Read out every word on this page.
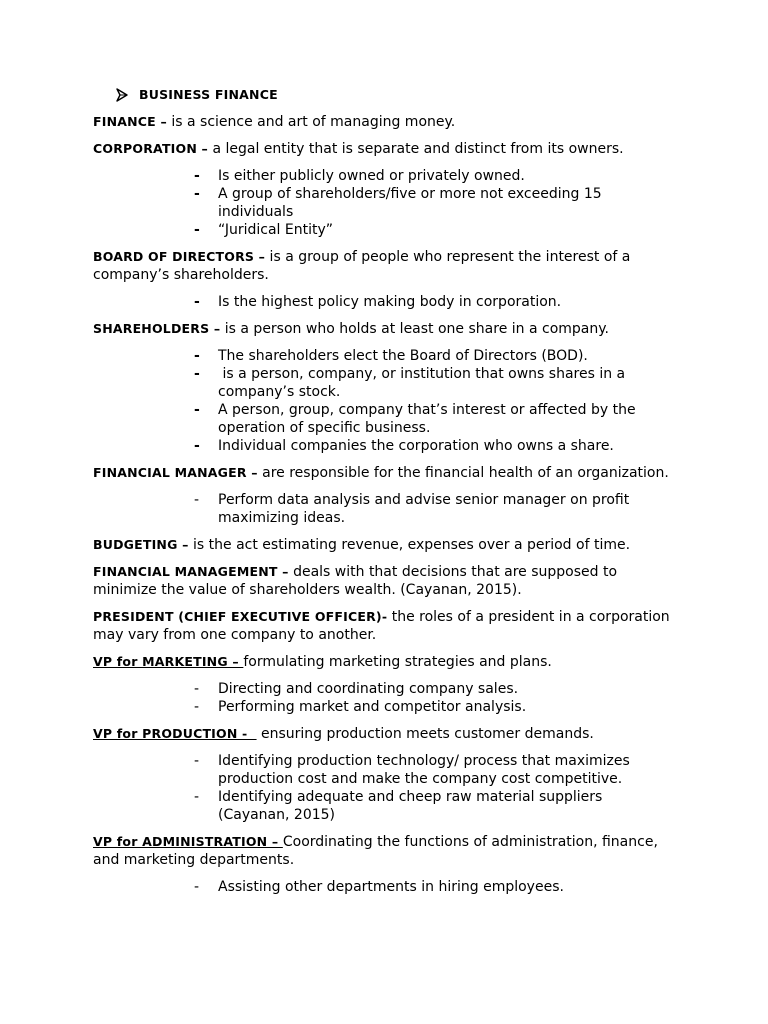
BUSINESS FINANCE

FINANCE – is a science and art of managing money.

CORPORATION – a legal entity that is separate and distinct from its owners.

- Is either publicly owned or privately owned.
- A group of shareholders/five or more not exceeding 15 individuals
- “Juridical Entity”

BOARD OF DIRECTORS – is a group of people who represent the interest of a company’s shareholders.

- Is the highest policy making body in corporation.

SHAREHOLDERS – is a person who holds at least one share in a company.

- The shareholders elect the Board of Directors (BOD).
- is a person, company, or institution that owns shares in a company’s stock.
- A person, group, company that’s interest or affected by the operation of specific business.
- Individual companies the corporation who owns a share.

FINANCIAL MANAGER – are responsible for the financial health of an organization.

- Perform data analysis and advise senior manager on profit maximizing ideas.

BUDGETING – is the act estimating revenue, expenses over a period of time.

FINANCIAL MANAGEMENT – deals with that decisions that are supposed to minimize the value of shareholders wealth. (Cayanan, 2015).

PRESIDENT (CHIEF EXECUTIVE OFFICER)- the roles of a president in a corporation may vary from one company to another.

VP for MARKETING – formulating marketing strategies and plans.

- Directing and coordinating company sales.
- Performing market and competitor analysis.

VP for PRODUCTION -   ensuring production meets customer demands.

- Identifying production technology/ process that maximizes production cost and make the company cost competitive.
- Identifying adequate and cheep raw material suppliers (Cayanan, 2015)

VP for ADMINISTRATION – Coordinating the functions of administration, finance, and marketing departments.

- Assisting other departments in hiring employees.
